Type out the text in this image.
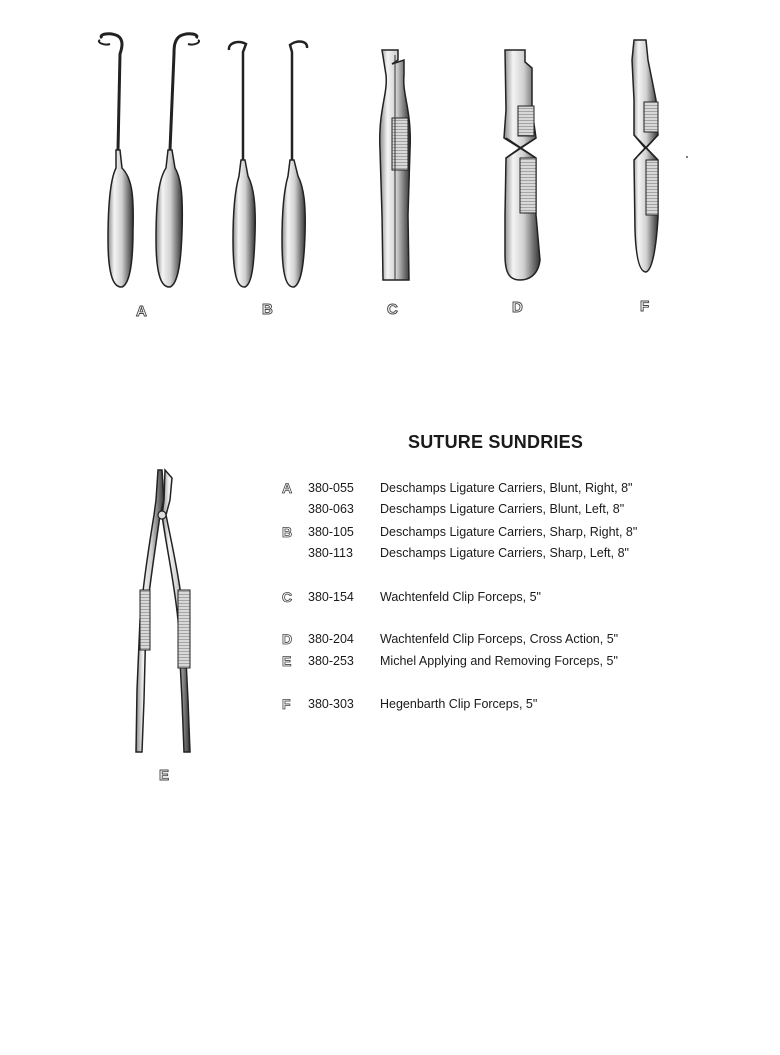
A	B	C	D	F
E
SUTURE SUNDRIES
A	380-055 Deschamps Ligature Carriers, Blunt, Right, 8"
380-063 Deschamps Ligature Carriers, Blunt, Left, 8"
B	380-105 Deschamps Ligature Carriers, Sharp, Right, 8"
380-113 Deschamps Ligature Carriers, Sharp, Left, 8"
C	380-154 Wachtenfeld Clip Forceps, 5"
D	380-204 Wachtenfeld Clip Forceps, Cross Action, 5"
E	380-253 Michel Applying and Removing Forceps, 5"
F	380-303 Hegenbarth Clip Forceps, 5"
